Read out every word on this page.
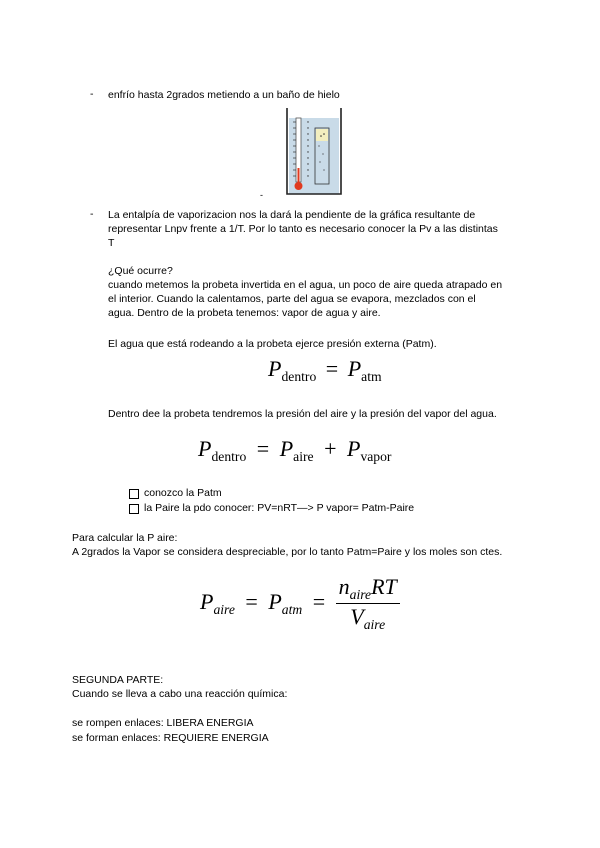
- enfrío hasta 2grados metiendo a un baño de hielo
-
- La entalpía de vaporizacion nos la dará la pendiente de la gráfica resultante de
representar Lnpv frente a 1/T. Por lo tanto es necesario conocer la Pv a las distintas
T
¿Qué ocurre?
cuando metemos la probeta invertida en el agua, un poco de aire queda atrapado en
el interior. Cuando la calentamos, parte del agua se evapora, mezclados con el
agua. Dentro de la probeta tenemos: vapor de agua y aire.
El agua que está rodeando a la probeta ejerce presión externa (Patm).
$P_{dentro} = P_{atm}$
Dentro dee la probeta tendremos la presión del aire y la presión del vapor del agua.
$P_{dentro} = P_{aire} + P_{vapor}$
conozco la Patm
la Paire la pdo conocer: PV=nRT—> P vapor= Patm-Paire
Para calcular la P aire:
A 2grados la Vapor se considera despreciable, por lo tanto Patm=Paire y los moles son ctes.
$P_{aire} = P_{atm} = \frac{n_{aire}RT}{V_{aire}}$
SEGUNDA PARTE:
Cuando se lleva a cabo una reacción química:
se rompen enlaces: LIBERA ENERGIA
se forman enlaces: REQUIERE ENERGIA
